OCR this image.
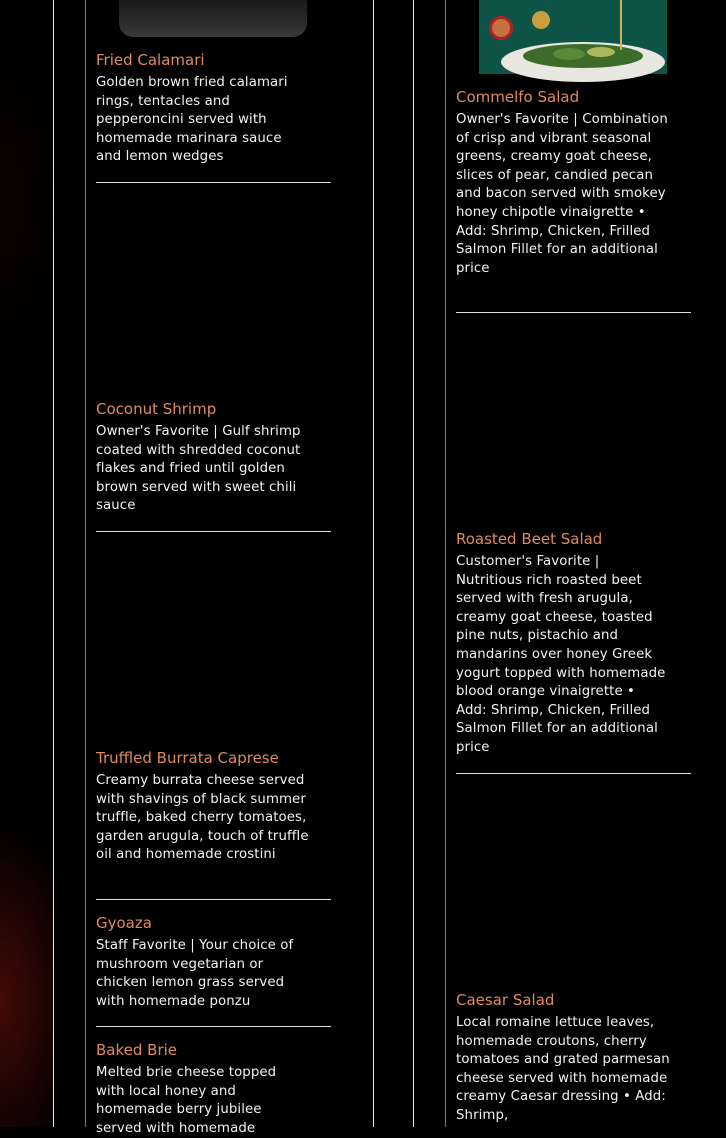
Fried Calamari

Golden brown fried calamari rings, tentacles and pepperoncini served with homemade marinara sauce and lemon wedges

Coconut Shrimp

Owner's Favorite | Gulf shrimp coated with shredded coconut flakes and fried until golden brown served with sweet chili sauce

Truffled Burrata Caprese

Creamy burrata cheese served with shavings of black summer truffle, baked cherry tomatoes, garden arugula, touch of truffle oil and homemade crostini

Gyoaza

Staff Favorite | Your choice of mushroom vegetarian or chicken lemon grass served with homemade ponzu

Baked Brie

Melted brie cheese topped with local honey and homemade berry jubilee served with homemade

Commelfo Salad

Owner's Favorite | Combination of crisp and vibrant seasonal greens, creamy goat cheese, slices of pear, candied pecan and bacon served with smokey honey chipotle vinaigrette • Add: Shrimp, Chicken, Frilled Salmon Fillet for an additional price

Roasted Beet Salad

Customer's Favorite | Nutritious rich roasted beet served with fresh arugula, creamy goat cheese, toasted pine nuts, pistachio and mandarins over honey Greek yogurt topped with homemade blood orange vinaigrette • Add: Shrimp, Chicken, Frilled Salmon Fillet for an additional price

Caesar Salad

Local romaine lettuce leaves, homemade croutons, cherry tomatoes and grated parmesan cheese served with homemade creamy Caesar dressing • Add: Shrimp,
